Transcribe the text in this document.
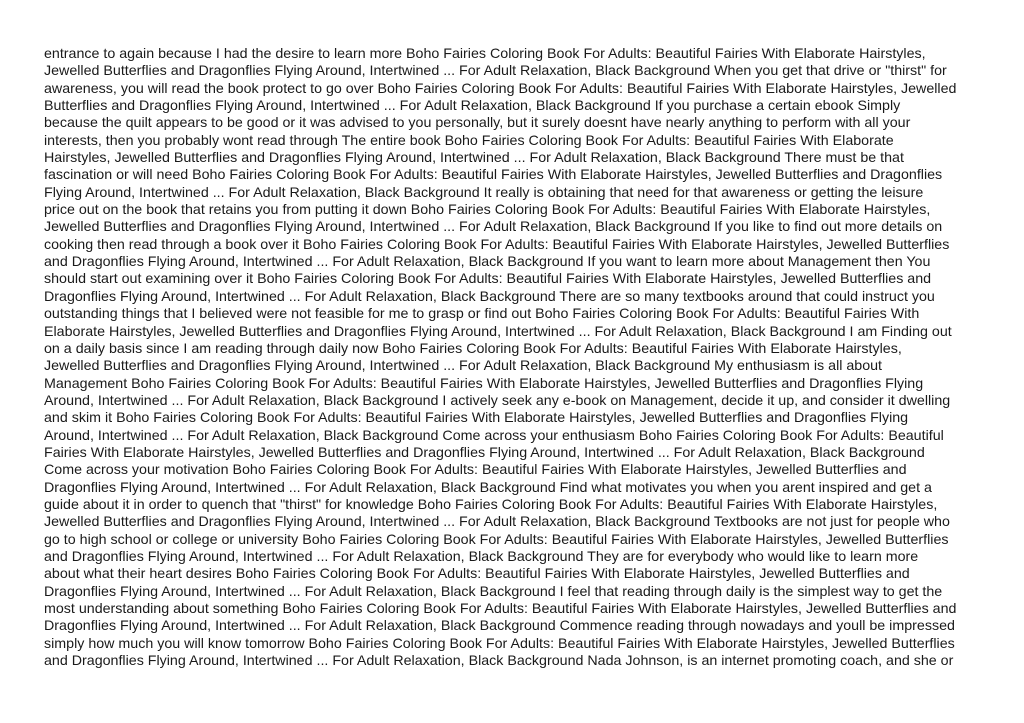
entrance to again because I had the desire to learn more Boho Fairies Coloring Book For Adults: Beautiful Fairies With Elaborate Hairstyles,
Jewelled Butterflies and Dragonflies Flying Around, Intertwined ... For Adult Relaxation, Black Background When you get that drive or "thirst" for
awareness, you will read the book protect to go over Boho Fairies Coloring Book For Adults: Beautiful Fairies With Elaborate Hairstyles, Jewelled
Butterflies and Dragonflies Flying Around, Intertwined ... For Adult Relaxation, Black Background If you purchase a certain ebook Simply
because the quilt appears to be good or it was advised to you personally, but it surely doesnt have nearly anything to perform with all your
interests, then you probably wont read through The entire book Boho Fairies Coloring Book For Adults: Beautiful Fairies With Elaborate
Hairstyles, Jewelled Butterflies and Dragonflies Flying Around, Intertwined ... For Adult Relaxation, Black Background There must be that
fascination or will need Boho Fairies Coloring Book For Adults: Beautiful Fairies With Elaborate Hairstyles, Jewelled Butterflies and Dragonflies
Flying Around, Intertwined ... For Adult Relaxation, Black Background It really is obtaining that need for that awareness or getting the leisure
price out on the book that retains you from putting it down Boho Fairies Coloring Book For Adults: Beautiful Fairies With Elaborate Hairstyles,
Jewelled Butterflies and Dragonflies Flying Around, Intertwined ... For Adult Relaxation, Black Background If you like to find out more details on
cooking then read through a book over it Boho Fairies Coloring Book For Adults: Beautiful Fairies With Elaborate Hairstyles, Jewelled Butterflies
and Dragonflies Flying Around, Intertwined ... For Adult Relaxation, Black Background If you want to learn more about Management then You
should start out examining over it Boho Fairies Coloring Book For Adults: Beautiful Fairies With Elaborate Hairstyles, Jewelled Butterflies and
Dragonflies Flying Around, Intertwined ... For Adult Relaxation, Black Background There are so many textbooks around that could instruct you
outstanding things that I believed were not feasible for me to grasp or find out Boho Fairies Coloring Book For Adults: Beautiful Fairies With
Elaborate Hairstyles, Jewelled Butterflies and Dragonflies Flying Around, Intertwined ... For Adult Relaxation, Black Background I am Finding out
on a daily basis since I am reading through daily now Boho Fairies Coloring Book For Adults: Beautiful Fairies With Elaborate Hairstyles,
Jewelled Butterflies and Dragonflies Flying Around, Intertwined ... For Adult Relaxation, Black Background My enthusiasm is all about
Management Boho Fairies Coloring Book For Adults: Beautiful Fairies With Elaborate Hairstyles, Jewelled Butterflies and Dragonflies Flying
Around, Intertwined ... For Adult Relaxation, Black Background I actively seek any e-book on Management, decide it up, and consider it dwelling
and skim it Boho Fairies Coloring Book For Adults: Beautiful Fairies With Elaborate Hairstyles, Jewelled Butterflies and Dragonflies Flying
Around, Intertwined ... For Adult Relaxation, Black Background Come across your enthusiasm Boho Fairies Coloring Book For Adults: Beautiful
Fairies With Elaborate Hairstyles, Jewelled Butterflies and Dragonflies Flying Around, Intertwined ... For Adult Relaxation, Black Background
Come across your motivation Boho Fairies Coloring Book For Adults: Beautiful Fairies With Elaborate Hairstyles, Jewelled Butterflies and
Dragonflies Flying Around, Intertwined ... For Adult Relaxation, Black Background Find what motivates you when you arent inspired and get a
guide about it in order to quench that "thirst" for knowledge Boho Fairies Coloring Book For Adults: Beautiful Fairies With Elaborate Hairstyles,
Jewelled Butterflies and Dragonflies Flying Around, Intertwined ... For Adult Relaxation, Black Background Textbooks are not just for people who
go to high school or college or university Boho Fairies Coloring Book For Adults: Beautiful Fairies With Elaborate Hairstyles, Jewelled Butterflies
and Dragonflies Flying Around, Intertwined ... For Adult Relaxation, Black Background They are for everybody who would like to learn more
about what their heart desires Boho Fairies Coloring Book For Adults: Beautiful Fairies With Elaborate Hairstyles, Jewelled Butterflies and
Dragonflies Flying Around, Intertwined ... For Adult Relaxation, Black Background I feel that reading through daily is the simplest way to get the
most understanding about something Boho Fairies Coloring Book For Adults: Beautiful Fairies With Elaborate Hairstyles, Jewelled Butterflies and
Dragonflies Flying Around, Intertwined ... For Adult Relaxation, Black Background Commence reading through nowadays and youll be impressed
simply how much you will know tomorrow Boho Fairies Coloring Book For Adults: Beautiful Fairies With Elaborate Hairstyles, Jewelled Butterflies
and Dragonflies Flying Around, Intertwined ... For Adult Relaxation, Black Background Nada Johnson, is an internet promoting coach, and she or
